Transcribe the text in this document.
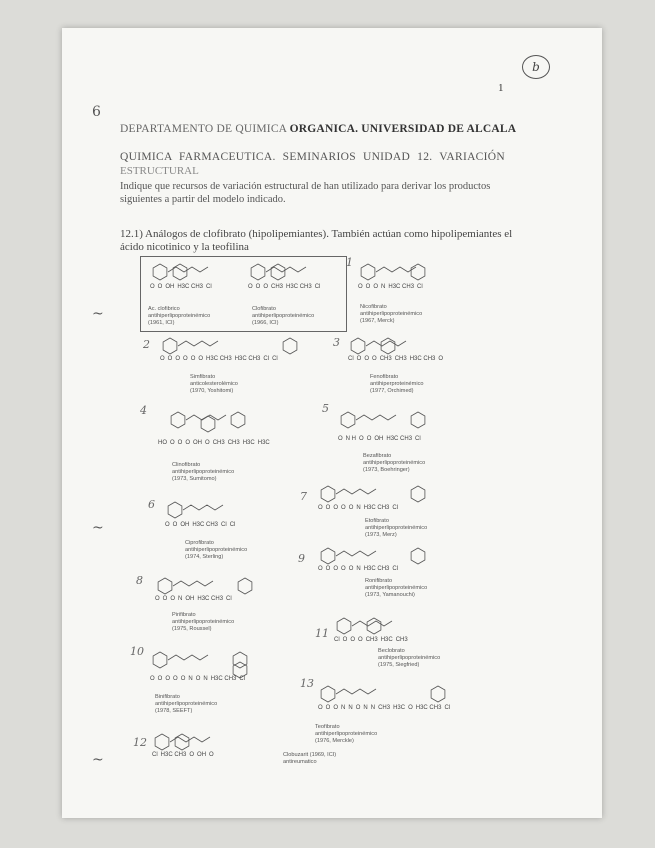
b
1
6
~
~
~
DEPARTAMENTO DE QUIMICA ORGANICA. UNIVERSIDAD DE ALCALA
QUIMICA FARMACEUTICA. SEMINARIOS UNIDAD 12. VARIACIÓN
ESTRUCTURAL
Indique que recursos de variación estructural de han utilizado para derivar los productos siguientes a partir del modelo indicado.
12.1) Análogos de clofibrato (hipolipemiantes). También actúan como hipolipemiantes el ácido nicotinico y la teofilina
O O OH H3C CH3 Cl
Ac. clofibrico
antihiperlipoproteinémico
(1961, ICI)
O O O CH3 H3C CH3 Cl
Clofibrato
antihiperlipoproteinémico
(1966, ICI)
1
O O O N H3C CH3 Cl
Nicofibrato
antihiperlipoproteinémico
(1967, Merck)
2
O O O O O O H3C CH3 H3C CH3 Cl Cl
Simfibrato
anticolesterolémico
(1970, Yoshitomi)
3
Cl O O O CH3 CH3 H3C CH3 O
Fenofibrato
antihiperproteinémico
(1977, Orchimed)
4
HO O O O OH O CH3 CH3 H3C H3C
Clinofibrato
antihiperlipoproteinémico
(1973, Sumitomo)
5
O N H O O OH H3C CH3 Cl
Bezafibrato
antihiperlipoproteinémico
(1973, Boehringer)
6
O O OH H3C CH3 Cl Cl
Ciprofibrato
antihiperlipoproteinémico
(1974, Sterling)
7
O O O O O N H3C CH3 Cl
Etofibrato
antihiperlipoproteinémico
(1973, Merz)
9
O O O O O N H3C CH3 Cl
Ronifibrato
antihiperlipoproteinémico
(1973, Yamanouchi)
8
O O O N OH H3C CH3 Cl
Pirifibrato
antihiperlipoproteinémico
(1975, Roussel)	11 Cl O O O CH3 H3C CH3
Beclobrato
antihiperlipoproteinémico
(1975, Siegfried)
10
O O O O O N O N H3C CH3 Cl
Binifibrato
antihiperlipoproteinémico
(1978, SEEFT)
13
O O O N N O N N CH3 H3C O H3C CH3 Cl
Teofibrato
antihiperlipoproteinémico
(1976, Merckle)
12
Cl H3C CH3 O OH O	Clobuzarit (1969, ICI)
antireumatico
